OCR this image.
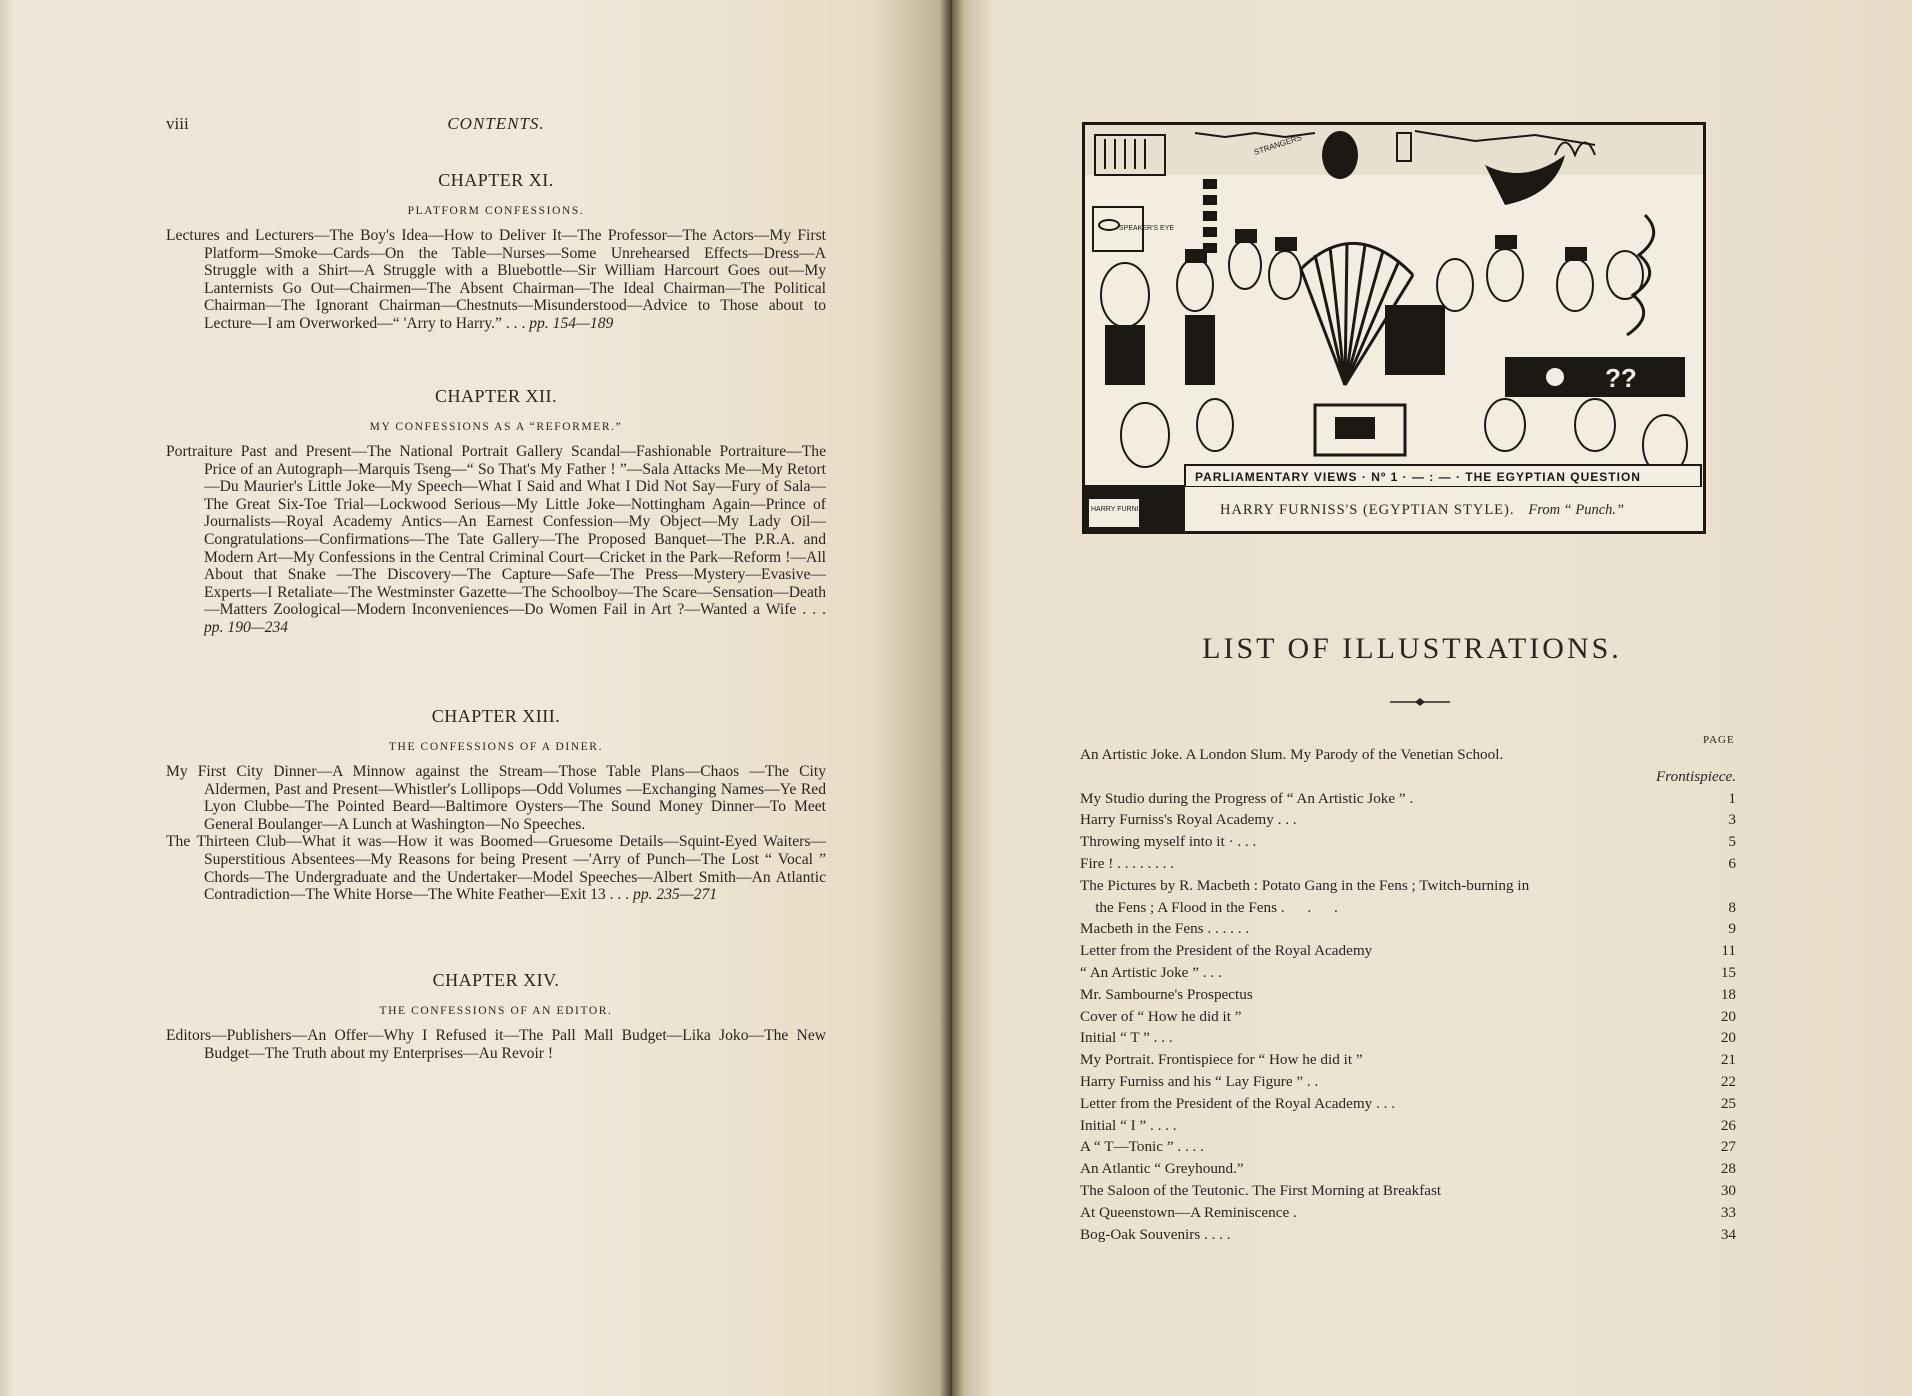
viii	CONTENTS.
CHAPTER XI.
PLATFORM CONFESSIONS.
Lectures and Lecturers—The Boy's Idea—How to Deliver It—The Professor—The Actors—My First Platform—Smoke—Cards—On the Table—Nurses—Some Unrehearsed Effects—Dress—A Struggle with a Shirt—A Struggle with a Bluebottle—Sir William Harcourt Goes out—My Lanternists Go Out—Chairmen—The Absent Chairman—The Ideal Chairman—The Political Chairman—The Ignorant Chairman—Chestnuts—Misunderstood—Advice to Those about to Lecture—I am Overworked—“ 'Arry to Harry.” . . . pp. 154—189
CHAPTER XII.
MY CONFESSIONS AS A “REFORMER.”
Portraiture Past and Present—The National Portrait Gallery Scandal—Fashionable Portraiture—The Price of an Autograph—Marquis Tseng—“ So That's My Father ! ”—Sala Attacks Me—My Retort—Du Maurier's Little Joke—My Speech—What I Said and What I Did Not Say—Fury of Sala—The Great Six-Toe Trial—Lockwood Serious—My Little Joke—Nottingham Again—Prince of Journalists—Royal Academy Antics—An Earnest Confession—My Object—My Lady Oil—Congratulations—Confirmations—The Tate Gallery—The Proposed Banquet—The P.R.A. and Modern Art—My Confessions in the Central Criminal Court—Cricket in the Park—Reform !—All About that Snake —The Discovery—The Capture—Safe—The Press—Mystery—Evasive—Experts—I Retaliate—The Westminster Gazette—The Schoolboy—The Scare—Sensation—Death—Matters Zoological—Modern Inconveniences—Do Women Fail in Art ?—Wanted a Wife . . . pp. 190—234
CHAPTER XIII.
THE CONFESSIONS OF A DINER.
My First City Dinner—A Minnow against the Stream—Those Table Plans—Chaos —The City Aldermen, Past and Present—Whistler's Lollipops—Odd Volumes —Exchanging Names—Ye Red Lyon Clubbe—The Pointed Beard—Baltimore Oysters—The Sound Money Dinner—To Meet General Boulanger—A Lunch at Washington—No Speeches.
The Thirteen Club—What it was—How it was Boomed—Gruesome Details—Squint-Eyed Waiters—Superstitious Absentees—My Reasons for being Present —'Arry of Punch—The Lost “ Vocal ” Chords—The Undergraduate and the Undertaker—Model Speeches—Albert Smith—An Atlantic Contradiction—The White Horse—The White Feather—Exit 13 . . . pp. 235—271
CHAPTER XIV.
THE CONFESSIONS OF AN EDITOR.
Editors—Publishers—An Offer—Why I Refused it—The Pall Mall Budget—Lika Joko—The New Budget—The Truth about my Enterprises—Au Revoir !
SPEAKER'S EYE
STRANGERS
??
PARLIAMENTARY VIEWS · Nº 1 · — : — · THE EGYPTIAN QUESTION
HARRY FURNISS	HARRY FURNISS'S (EGYPTIAN STYLE). From “ Punch.”
LIST OF ILLUSTRATIONS.
PAGE
An Artistic Joke. A London Slum. My Parody of the Venetian School.
Frontispiece.
My Studio during the Progress of “ An Artistic Joke ” .	1
Harry Furniss's Royal Academy . . .	3
Throwing myself into it · . . .	5
Fire ! . . . . . . . .	6
The Pictures by R. Macbeth : Potato Gang in the Fens ; Twitch-burning in
the Fens ; A Flood in the Fens .      .      .	8
Macbeth in the Fens . . . . . .	9
Letter from the President of the Royal Academy	11
“ An Artistic Joke ” . . .	15
Mr. Sambourne's Prospectus	18
Cover of “ How he did it ”	20
Initial “ T ” . . .	20
My Portrait. Frontispiece for “ How he did it ”	21
Harry Furniss and his “ Lay Figure ” . .	22
Letter from the President of the Royal Academy . . .	25
Initial “ I ” . . . .	26
A “ T—Tonic ” . . . .	27
An Atlantic “ Greyhound.”	28
The Saloon of the Teutonic. The First Morning at Breakfast	30
At Queenstown—A Reminiscence .	33
Bog-Oak Souvenirs . . . .	34
